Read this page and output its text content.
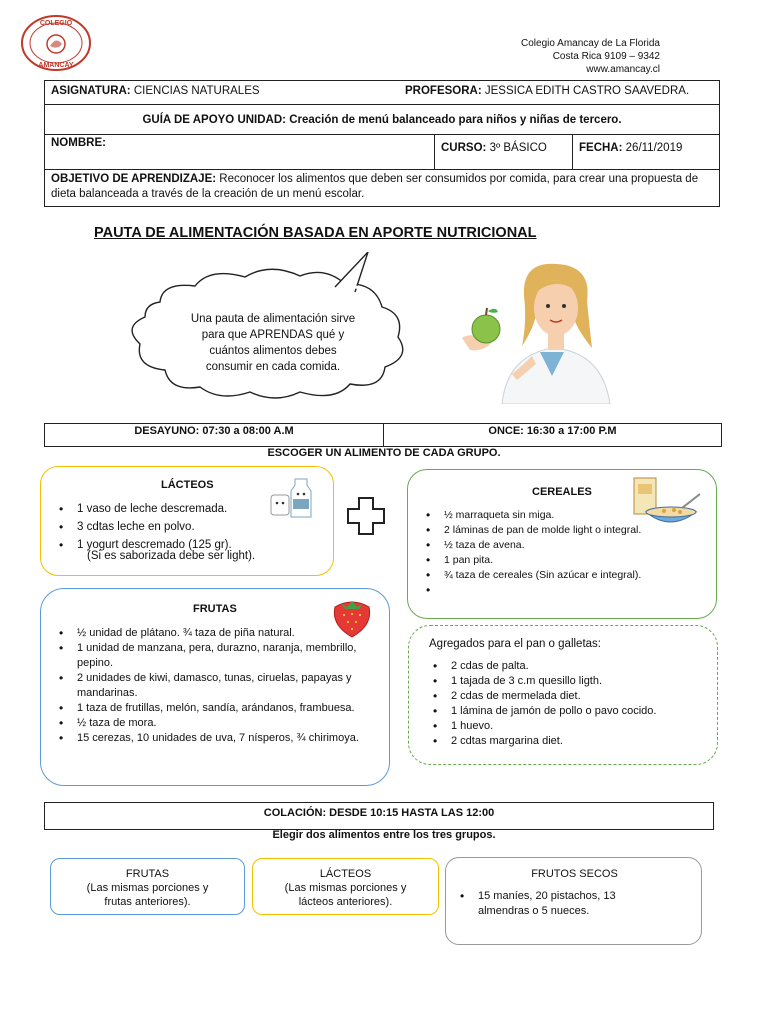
COLEGIO
AMANCAY
Colegio Amancay de La Florida
Costa Rica 9109 – 9342
www.amancay.cl
ASIGNATURA: CIENCIAS NATURALES	PROFESORA: JESSICA EDITH CASTRO SAAVEDRA.
GUÍA DE APOYO UNIDAD: Creación de menú balanceado para niños y niñas de tercero.
NOMBRE:	CURSO: 3º BÁSICO	FECHA: 26/11/2019
OBJETIVO DE APRENDIZAJE: Reconocer los alimentos que deben ser consumidos por comida, para crear una propuesta de dieta balanceada a través de la creación de un menú escolar.
PAUTA DE ALIMENTACIÓN BASADA EN APORTE NUTRICIONAL
Una pauta de alimentación sirve
para que APRENDAS qué y
cuántos alimentos debes
consumir en cada comida.
DESAYUNO: 07:30 a 08:00 A.M	ONCE: 16:30 a 17:00 P.M
ESCOGER UN ALIMENTO DE CADA GRUPO.
LÁCTEOS
• 1 vaso de leche descremada.
• 3 cdtas leche en polvo.
• 1 yogurt descremado (125 gr).
(Si es saborizada debe ser light).
CEREALES
• ½ marraqueta sin miga.
• 2 láminas de pan de molde light o integral.
• ½ taza de avena.
• 1 pan pita.
• ¾ taza de cereales (Sin azúcar e integral).
•
FRUTAS
• ½ unidad de plátano. ¾ taza de piña natural.
• 1 unidad de manzana, pera, durazno, naranja, membrillo, pepino.
• 2 unidades de kiwi, damasco, tunas, ciruelas, papayas y mandarinas.
• 1 taza de frutillas, melón, sandía, arándanos, frambuesa.
• ½ taza de mora.
• 15 cerezas, 10 unidades de uva, 7 nísperos, ¾ chirimoya.
Agregados para el pan o galletas:
• 2 cdas de palta.
• 1 tajada de 3 c.m quesillo ligth.
• 2 cdas de mermelada diet.
• 1 lámina de jamón de pollo o pavo cocido.
• 1 huevo.
• 2 cdtas margarina diet.
COLACIÓN: DESDE 10:15 HASTA LAS 12:00
Elegir dos alimentos entre los tres grupos.
FRUTAS
(Las mismas porciones y
frutas anteriores).
LÁCTEOS
(Las mismas porciones y
lácteos anteriores).
FRUTOS SECOS
• 15 maníes, 20 pistachos, 13 almendras o 5 nueces.
